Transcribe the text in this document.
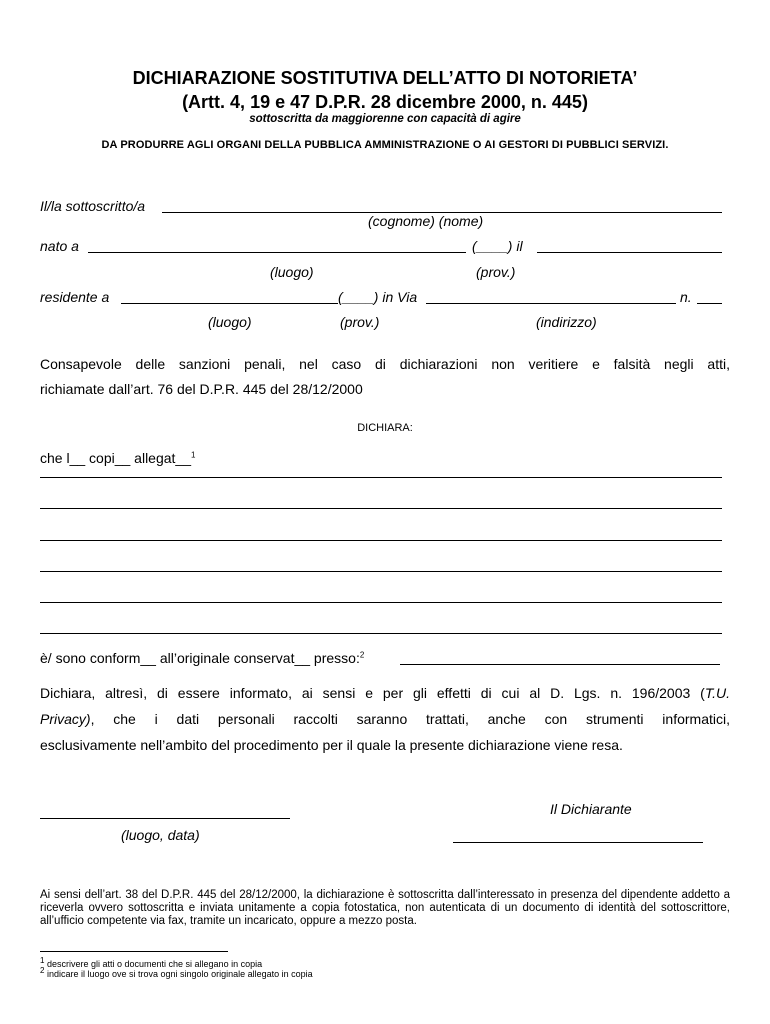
DICHIARAZIONE SOSTITUTIVA DELL’ATTO DI NOTORIETA’
(Artt. 4, 19 e 47 D.P.R. 28 dicembre 2000, n. 445)
sottoscritta da maggiorenne con capacità di agire
DA PRODURRE AGLI ORGANI DELLA PUBBLICA AMMINISTRAZIONE O AI GESTORI DI PUBBLICI SERVIZI.
Il/la sottoscritto/a
(cognome) (nome)
nato a	(____) il
(luogo)	(prov.)
residente a	(____) in Via	n.
(luogo)	(prov.)	(indirizzo)
Consapevole delle sanzioni penali, nel caso di dichiarazioni non veritiere e falsità negli atti,
richiamate dall’art. 76 del D.P.R. 445 del 28/12/2000
DICHIARA:
che l__ copi__ allegat__$^1$
è/ sono conform__ all’originale conservat__ presso:$^2$
Dichiara, altresì, di essere informato, ai sensi e per gli effetti di cui al D. Lgs. n. 196/2003 (T.U.
Privacy), che i dati personali raccolti saranno trattati, anche con strumenti informatici,
esclusivamente nell’ambito del procedimento per il quale la presente dichiarazione viene resa.
Il Dichiarante
(luogo, data)
Ai sensi dell’art. 38 del D.P.R. 445 del 28/12/2000, la dichiarazione è sottoscritta dall’interessato in presenza del dipendente addetto a riceverla ovvero sottoscritta e inviata unitamente a copia fotostatica, non autenticata di un documento di identità del sottoscrittore, all’ufficio competente via fax, tramite un incaricato, oppure a mezzo posta.
1 descrivere gli atti o documenti che si allegano in copia
2 indicare il luogo ove si trova ogni singolo originale allegato in copia
